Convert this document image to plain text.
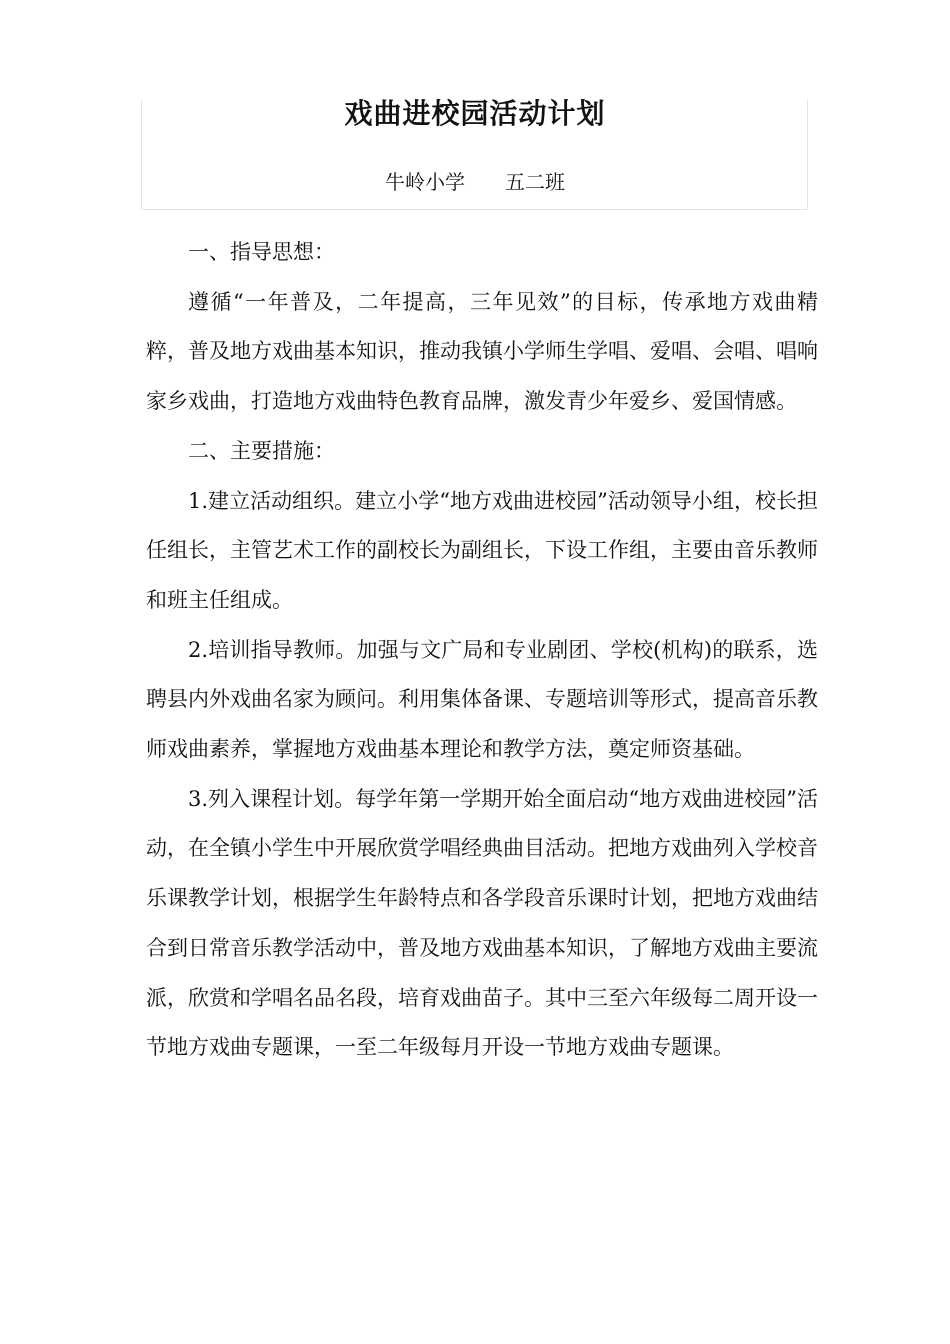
戏曲进校园活动计划
牛岭小学　　五二班

一、指导思想：

遵循“一年普及，二年提高，三年见效”的目标，传承地方戏曲精粹，普及地方戏曲基本知识，推动我镇小学师生学唱、爱唱、会唱、唱响家乡戏曲，打造地方戏曲特色教育品牌，激发青少年爱乡、爱国情感。

二、主要措施：

1.建立活动组织。建立小学“地方戏曲进校园”活动领导小组，校长担任组长，主管艺术工作的副校长为副组长，下设工作组，主要由音乐教师和班主任组成。

2.培训指导教师。加强与文广局和专业剧团、学校(机构)的联系，选聘县内外戏曲名家为顾问。利用集体备课、专题培训等形式，提高音乐教师戏曲素养，掌握地方戏曲基本理论和教学方法，奠定师资基础。

3.列入课程计划。每学年第一学期开始全面启动“地方戏曲进校园”活动，在全镇小学生中开展欣赏学唱经典曲目活动。把地方戏曲列入学校音乐课教学计划，根据学生年龄特点和各学段音乐课时计划，把地方戏曲结合到日常音乐教学活动中，普及地方戏曲基本知识，了解地方戏曲主要流派，欣赏和学唱名品名段，培育戏曲苗子。其中三至六年级每二周开设一节地方戏曲专题课，一至二年级每月开设一节地方戏曲专题课。
